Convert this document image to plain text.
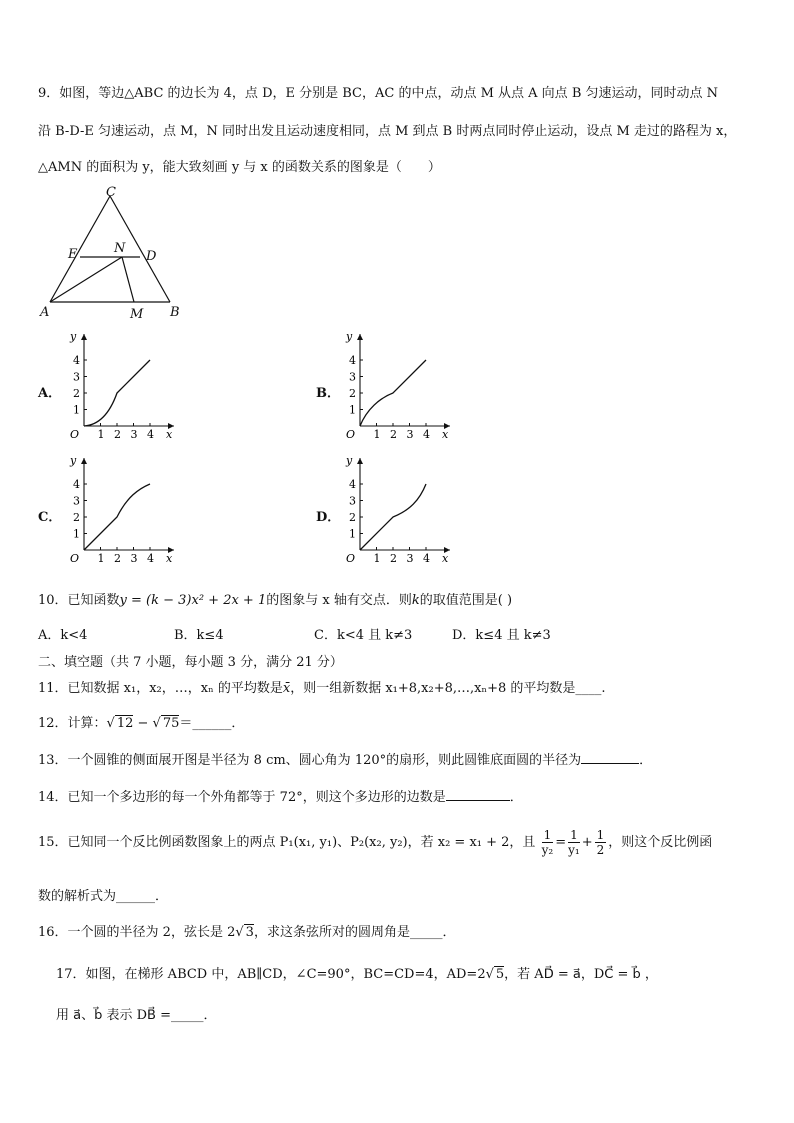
9．如图，等边△ABC 的边长为 4，点 D，E 分别是 BC，AC 的中点，动点 M 从点 A 向点 B 匀速运动，同时动点 N
沿 B-D-E 匀速运动，点 M，N 同时出发且运动速度相同，点 M 到点 B 时两点同时停止运动，设点 M 走过的路程为 x，
△AMN 的面积为 y，能大致刻画 y 与 x 的函数关系的图象是（　　）
C
E	N
D
A	M B
A．
1
1
2
2
3
3
4
4
O	x
y
B．
1
1
2
2
3
3
4
4
O	x
y
C．
1
1
2
2
3
3
4
4
O	x
y
D．
1
1
2
2
3
3
4
4
O	x
y
10．已知函数y = (k − 3)x² + 2x + 1的图象与 x 轴有交点．则k的取值范围是( )
A．k<4	B．k≤4	C．k<4 且 k≠3	D．k≤4 且 k≠3
二、填空题（共 7 小题，每小题 3 分，满分 21 分）
11．已知数据 x₁，x₂，…，xₙ 的平均数是x̄，则一组新数据 x₁+8,x₂+8,…,xₙ+8 的平均数是____.
12．计算：√ 12 − √ 75＝______．
13．一个圆锥的侧面展开图是半径为 8 cm、圆心角为 120°的扇形，则此圆锥底面圆的半径为	．
14．已知一个多边形的每一个外角都等于 72°，则这个多边形的边数是	．
15．已知同一个反比例函数图象上的两点 P₁(x₁, y₁)、P₂(x₂, y₂)，若 x₂ = x₁ + 2，且 $\frac{1}{\text{y₂}} = \frac{1}{\text{y₁}} + \frac{1}{2}$ ，则这个反比例函
数的解析式为______．
16．一个圆的半径为 2，弦长是 2√ 3，求这条弦所对的圆周角是_____．
17．如图，在梯形 ABCD 中，AB∥CD，∠C=90°，BC=CD=4，AD=2√ 5，若 AD⃗ = a⃗，DC⃗ = b⃗ ，
用 a⃗、b⃗ 表示 DB⃗ =_____．
